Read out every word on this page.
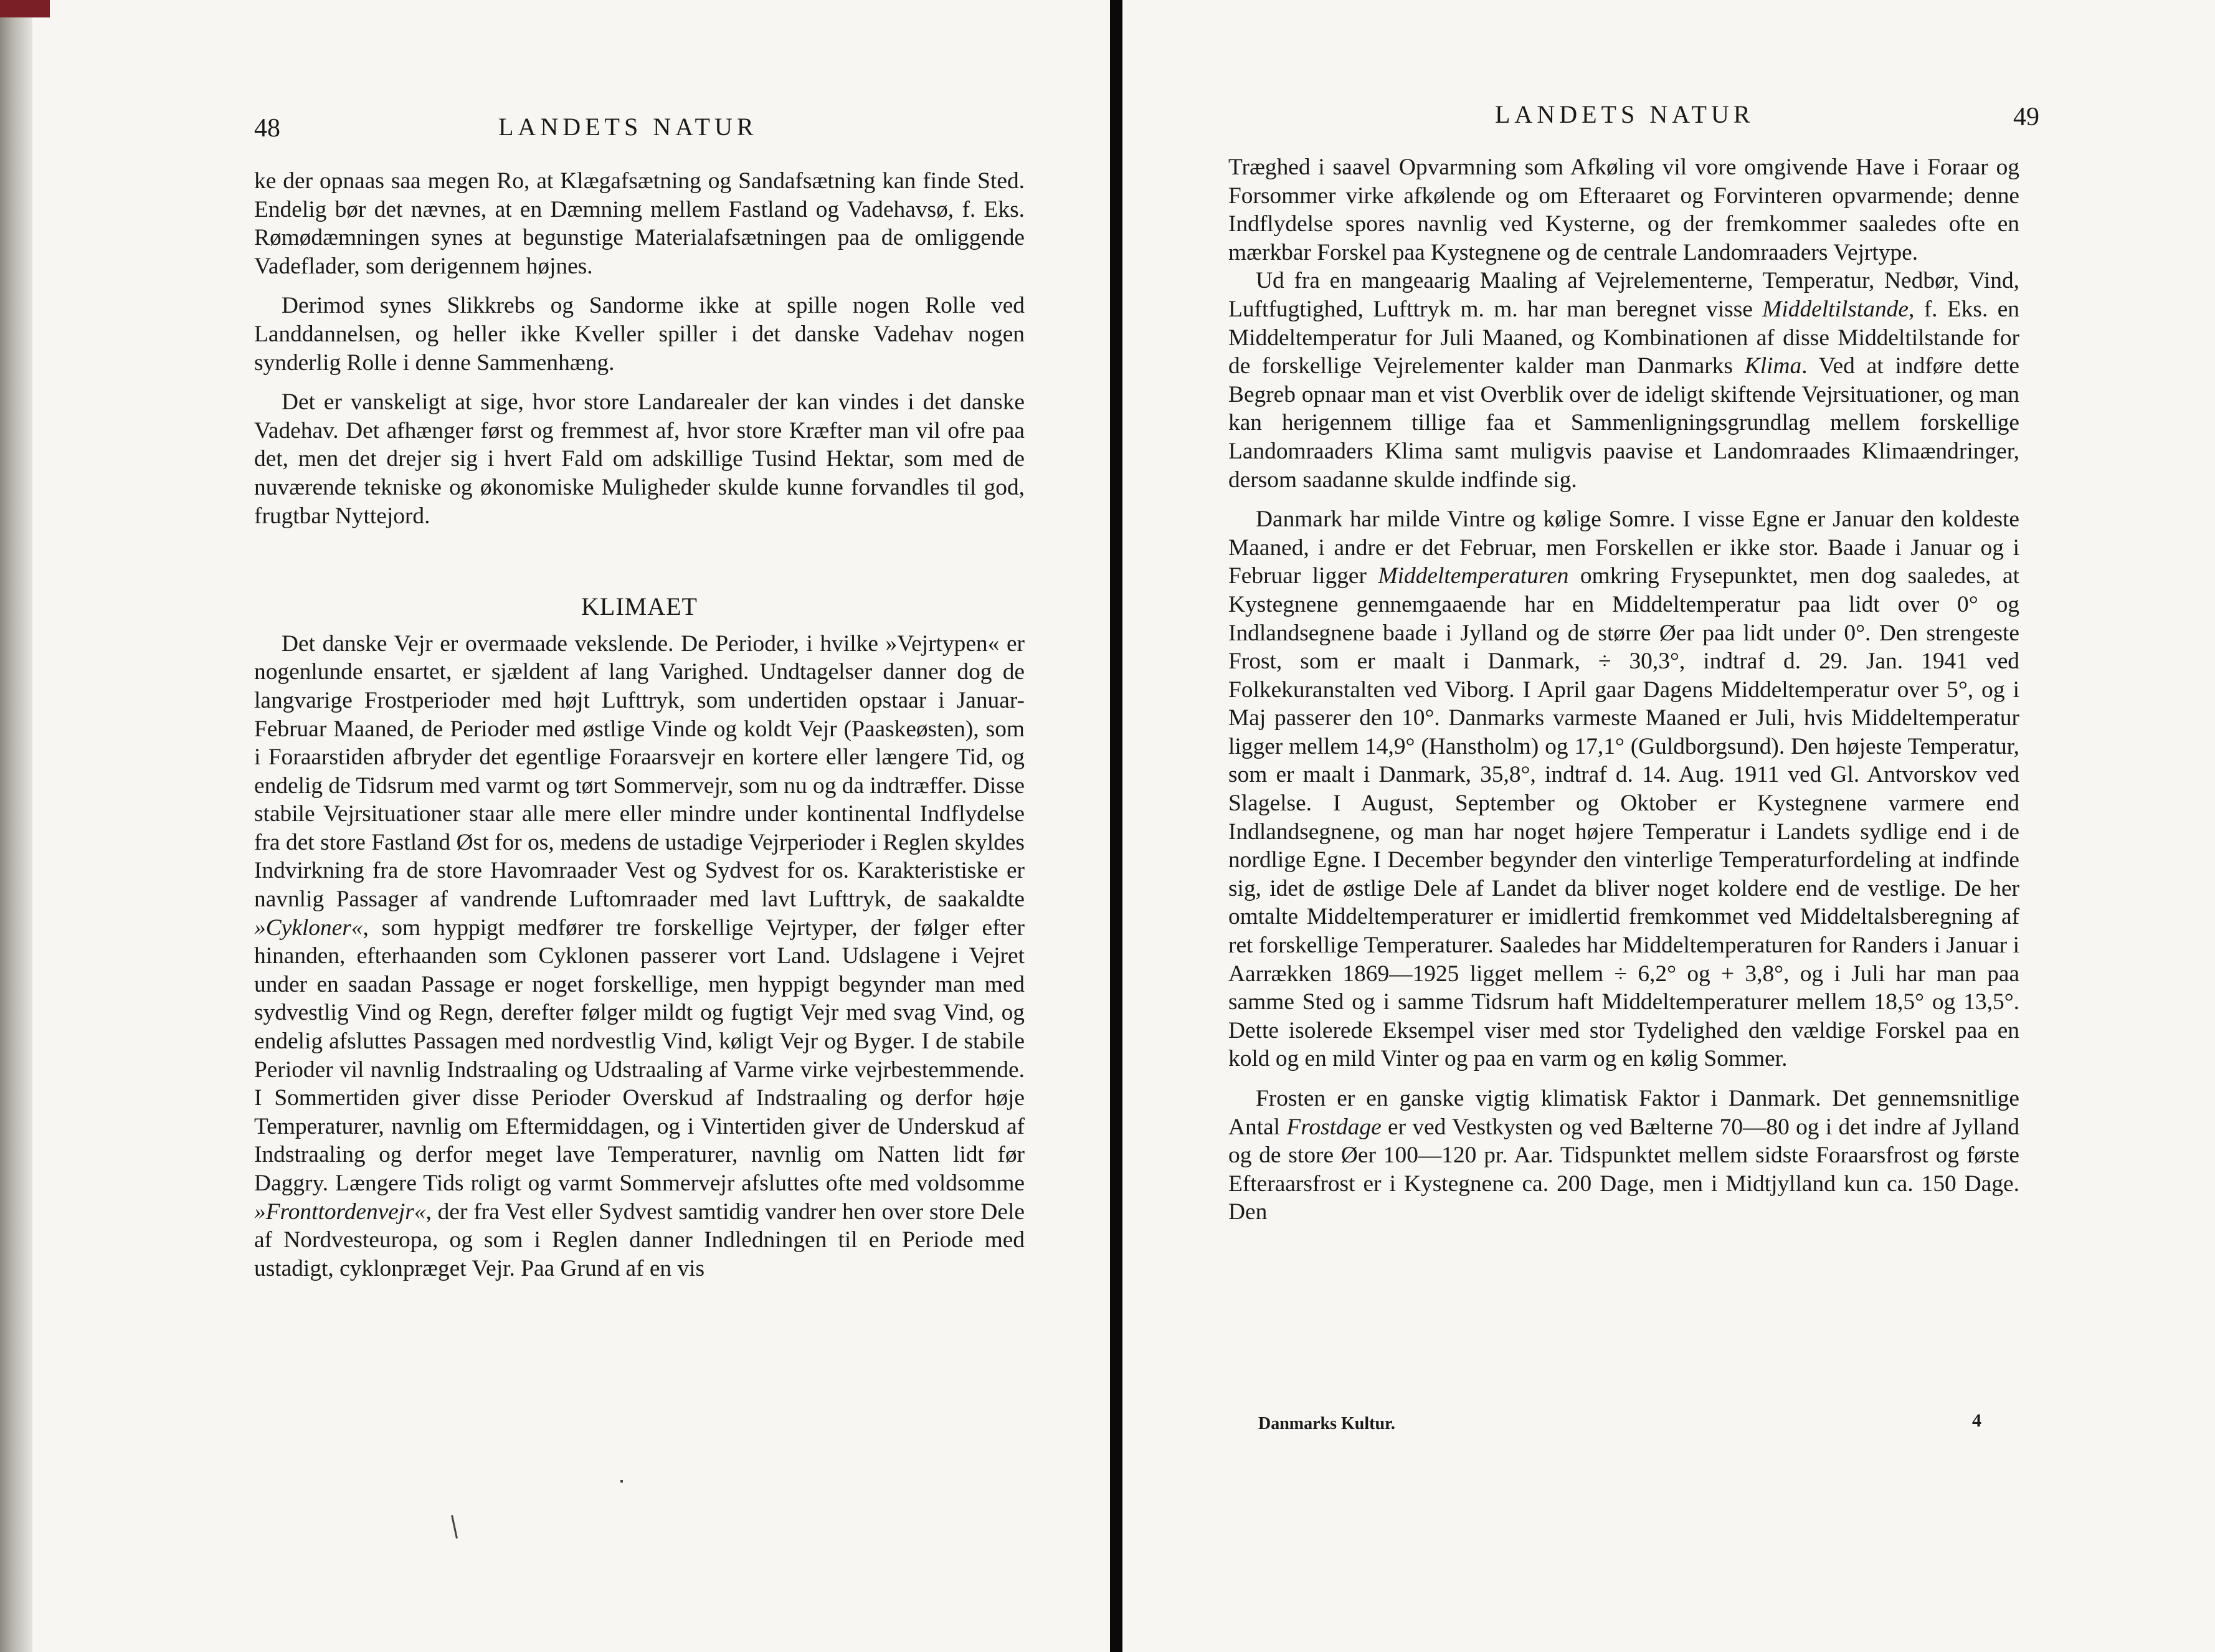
48	LANDETS NATUR

ke der opnaas saa megen Ro, at Klægafsætning og Sandafsætning kan finde Sted. Endelig bør det nævnes, at en Dæmning mellem Fastland og Vadehavsø, f. Eks. Rømødæmningen synes at begunstige Materialafsætningen paa de omliggende Vadeflader, som derigennem højnes.

Derimod synes Slikkrebs og Sandorme ikke at spille nogen Rolle ved Landdannelsen, og heller ikke Kveller spiller i det danske Vadehav nogen synderlig Rolle i denne Sammenhæng.

Det er vanskeligt at sige, hvor store Landarealer der kan vindes i det danske Vadehav. Det afhænger først og fremmest af, hvor store Kræfter man vil ofre paa det, men det drejer sig i hvert Fald om adskillige Tusind Hektar, som med de nuværende tekniske og økonomiske Muligheder skulde kunne forvandles til god, frugtbar Nyttejord.

KLIMAET

Det danske Vejr er overmaade vekslende. De Perioder, i hvilke »Vejrtypen« er nogenlunde ensartet, er sjældent af lang Varighed. Undtagelser danner dog de langvarige Frostperioder med højt Lufttryk, som undertiden opstaar i Januar-Februar Maaned, de Perioder med østlige Vinde og koldt Vejr (Paaskeøsten), som i Foraarstiden afbryder det egentlige Foraarsvejr en kortere eller længere Tid, og endelig de Tidsrum med varmt og tørt Sommervejr, som nu og da indtræffer. Disse stabile Vejrsituationer staar alle mere eller mindre under kontinental Indflydelse fra det store Fastland Øst for os, medens de ustadige Vejrperioder i Reglen skyldes Indvirkning fra de store Havomraader Vest og Sydvest for os. Karakteristiske er navnlig Passager af vandrende Luftomraader med lavt Lufttryk, de saakaldte »Cykloner«, som hyppigt medfører tre forskellige Vejrtyper, der følger efter hinanden, efterhaanden som Cyklonen passerer vort Land. Udslagene i Vejret under en saadan Passage er noget forskellige, men hyppigt begynder man med sydvestlig Vind og Regn, derefter følger mildt og fugtigt Vejr med svag Vind, og endelig afsluttes Passagen med nordvestlig Vind, køligt Vejr og Byger. I de stabile Perioder vil navnlig Indstraaling og Udstraaling af Varme virke vejrbestemmende. I Sommertiden giver disse Perioder Overskud af Indstraaling og derfor høje Temperaturer, navnlig om Eftermiddagen, og i Vintertiden giver de Underskud af Indstraaling og derfor meget lave Temperaturer, navnlig om Natten lidt før Daggry. Længere Tids roligt og varmt Sommervejr afsluttes ofte med voldsomme »Fronttordenvejr«, der fra Vest eller Sydvest samtidig vandrer hen over store Dele af Nordvesteuropa, og som i Reglen danner Indledningen til en Periode med ustadigt, cyklonpræget Vejr. Paa Grund af en vis

LANDETS NATUR	49

Træghed i saavel Opvarmning som Afkøling vil vore omgivende Have i Foraar og Forsommer virke afkølende og om Efteraaret og Forvinteren opvarmende; denne Indflydelse spores navnlig ved Kysterne, og der fremkommer saaledes ofte en mærkbar Forskel paa Kystegnene og de centrale Landomraaders Vejrtype.

Ud fra en mangeaarig Maaling af Vejrelementerne, Temperatur, Nedbør, Vind, Luftfugtighed, Lufttryk m. m. har man beregnet visse Middeltilstande, f. Eks. en Middeltemperatur for Juli Maaned, og Kombinationen af disse Middeltilstande for de forskellige Vejrelementer kalder man Danmarks Klima. Ved at indføre dette Begreb opnaar man et vist Overblik over de ideligt skiftende Vejrsituationer, og man kan herigennem tillige faa et Sammenligningsgrundlag mellem forskellige Landomraaders Klima samt muligvis paavise et Landomraades Klimaændringer, dersom saadanne skulde indfinde sig.

Danmark har milde Vintre og kølige Somre. I visse Egne er Januar den koldeste Maaned, i andre er det Februar, men Forskellen er ikke stor. Baade i Januar og i Februar ligger Middeltemperaturen omkring Frysepunktet, men dog saaledes, at Kystegnene gennemgaaende har en Middeltemperatur paa lidt over 0° og Indlandsegnene baade i Jylland og de større Øer paa lidt under 0°. Den strengeste Frost, som er maalt i Danmark, ÷ 30,3°, indtraf d. 29. Jan. 1941 ved Folkekuranstalten ved Viborg. I April gaar Dagens Middeltemperatur over 5°, og i Maj passerer den 10°. Danmarks varmeste Maaned er Juli, hvis Middeltemperatur ligger mellem 14,9° (Hanstholm) og 17,1° (Guldborgsund). Den højeste Temperatur, som er maalt i Danmark, 35,8°, indtraf d. 14. Aug. 1911 ved Gl. Antvorskov ved Slagelse. I August, September og Oktober er Kystegnene varmere end Indlandsegnene, og man har noget højere Temperatur i Landets sydlige end i de nordlige Egne. I December begynder den vinterlige Temperaturfordeling at indfinde sig, idet de østlige Dele af Landet da bliver noget koldere end de vestlige. De her omtalte Middeltemperaturer er imidlertid fremkommet ved Middeltalsberegning af ret forskellige Temperaturer. Saaledes har Middeltemperaturen for Randers i Januar i Aarrækken 1869—1925 ligget mellem ÷ 6,2° og + 3,8°, og i Juli har man paa samme Sted og i samme Tidsrum haft Middeltemperaturer mellem 18,5° og 13,5°. Dette isolerede Eksempel viser med stor Tydelighed den vældige Forskel paa en kold og en mild Vinter og paa en varm og en kølig Sommer.

Frosten er en ganske vigtig klimatisk Faktor i Danmark. Det gennemsnitlige Antal Frostdage er ved Vestkysten og ved Bælterne 70—80 og i det indre af Jylland og de store Øer 100—120 pr. Aar. Tidspunktet mellem sidste Foraarsfrost og første Efteraarsfrost er i Kystegnene ca. 200 Dage, men i Midtjylland kun ca. 150 Dage. Den

Danmarks Kultur.	4
